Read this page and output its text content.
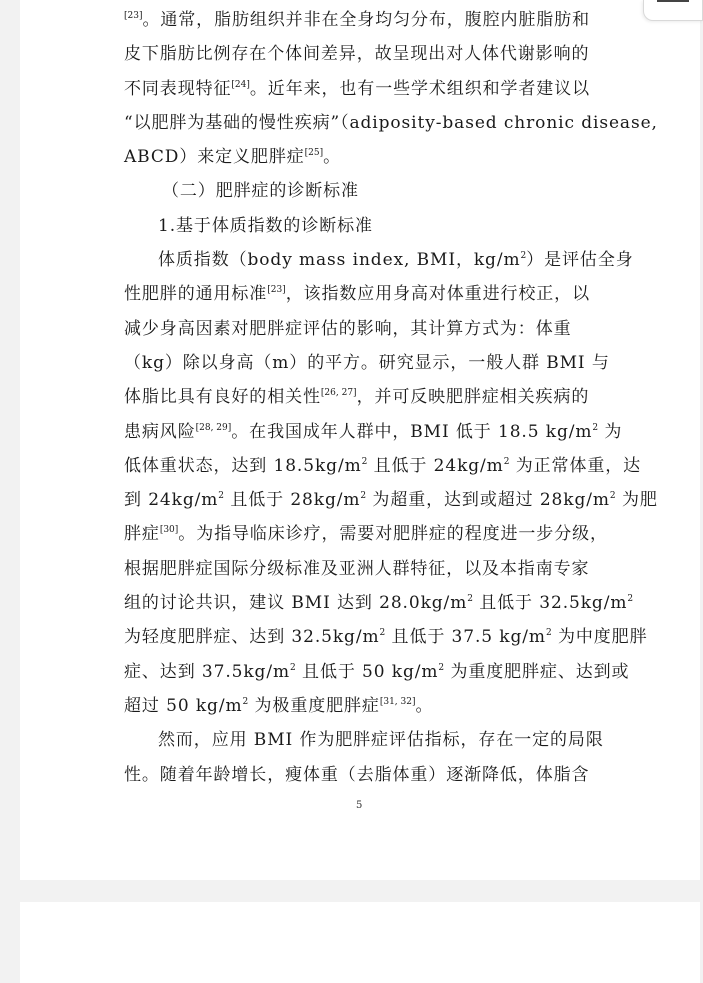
[23]。通常，脂肪组织并非在全身均匀分布，腹腔内脏脂肪和
皮下脂肪比例存在个体间差异，故呈现出对人体代谢影响的
不同表现特征[24]。近年来，也有一些学术组织和学者建议以
“以肥胖为基础的慢性疾病”（adiposity-based chronic disease,
ABCD）来定义肥胖症[25]。
（二）肥胖症的诊断标准
1.基于体质指数的诊断标准
体质指数（body mass index, BMI，$kg/m^2$）是评估全身
性肥胖的通用标准[23]，该指数应用身高对体重进行校正，以
减少身高因素对肥胖症评估的影响，其计算方式为：体重
（kg）除以身高（m）的平方。研究显示，一般人群 BMI 与
体脂比具有良好的相关性[26, 27]，并可反映肥胖症相关疾病的
患病风险[28, 29]。在我国成年人群中，BMI 低于 18.5 $kg/m^2$ 为
低体重状态，达到 $18.5kg/m^2$ 且低于 $24kg/m^2$ 为正常体重，达
到 $24kg/m^2$ 且低于 $28kg/m^2$ 为超重，达到或超过 $28kg/m^2$ 为肥
胖症[30]。为指导临床诊疗，需要对肥胖症的程度进一步分级，
根据肥胖症国际分级标准及亚洲人群特征，以及本指南专家
组的讨论共识，建议 BMI 达到 $28.0kg/m^2$ 且低于 $32.5kg/m^2$
为轻度肥胖症、达到 $32.5kg/m^2$ 且低于 37.5 $kg/m^2$ 为中度肥胖
症、达到 $37.5kg/m^2$ 且低于 50 $kg/m^2$ 为重度肥胖症、达到或
超过 50 $kg/m^2$ 为极重度肥胖症[31, 32]。
然而，应用 BMI 作为肥胖症评估指标，存在一定的局限
性。随着年龄增长，瘦体重（去脂体重）逐渐降低，体脂含
5
